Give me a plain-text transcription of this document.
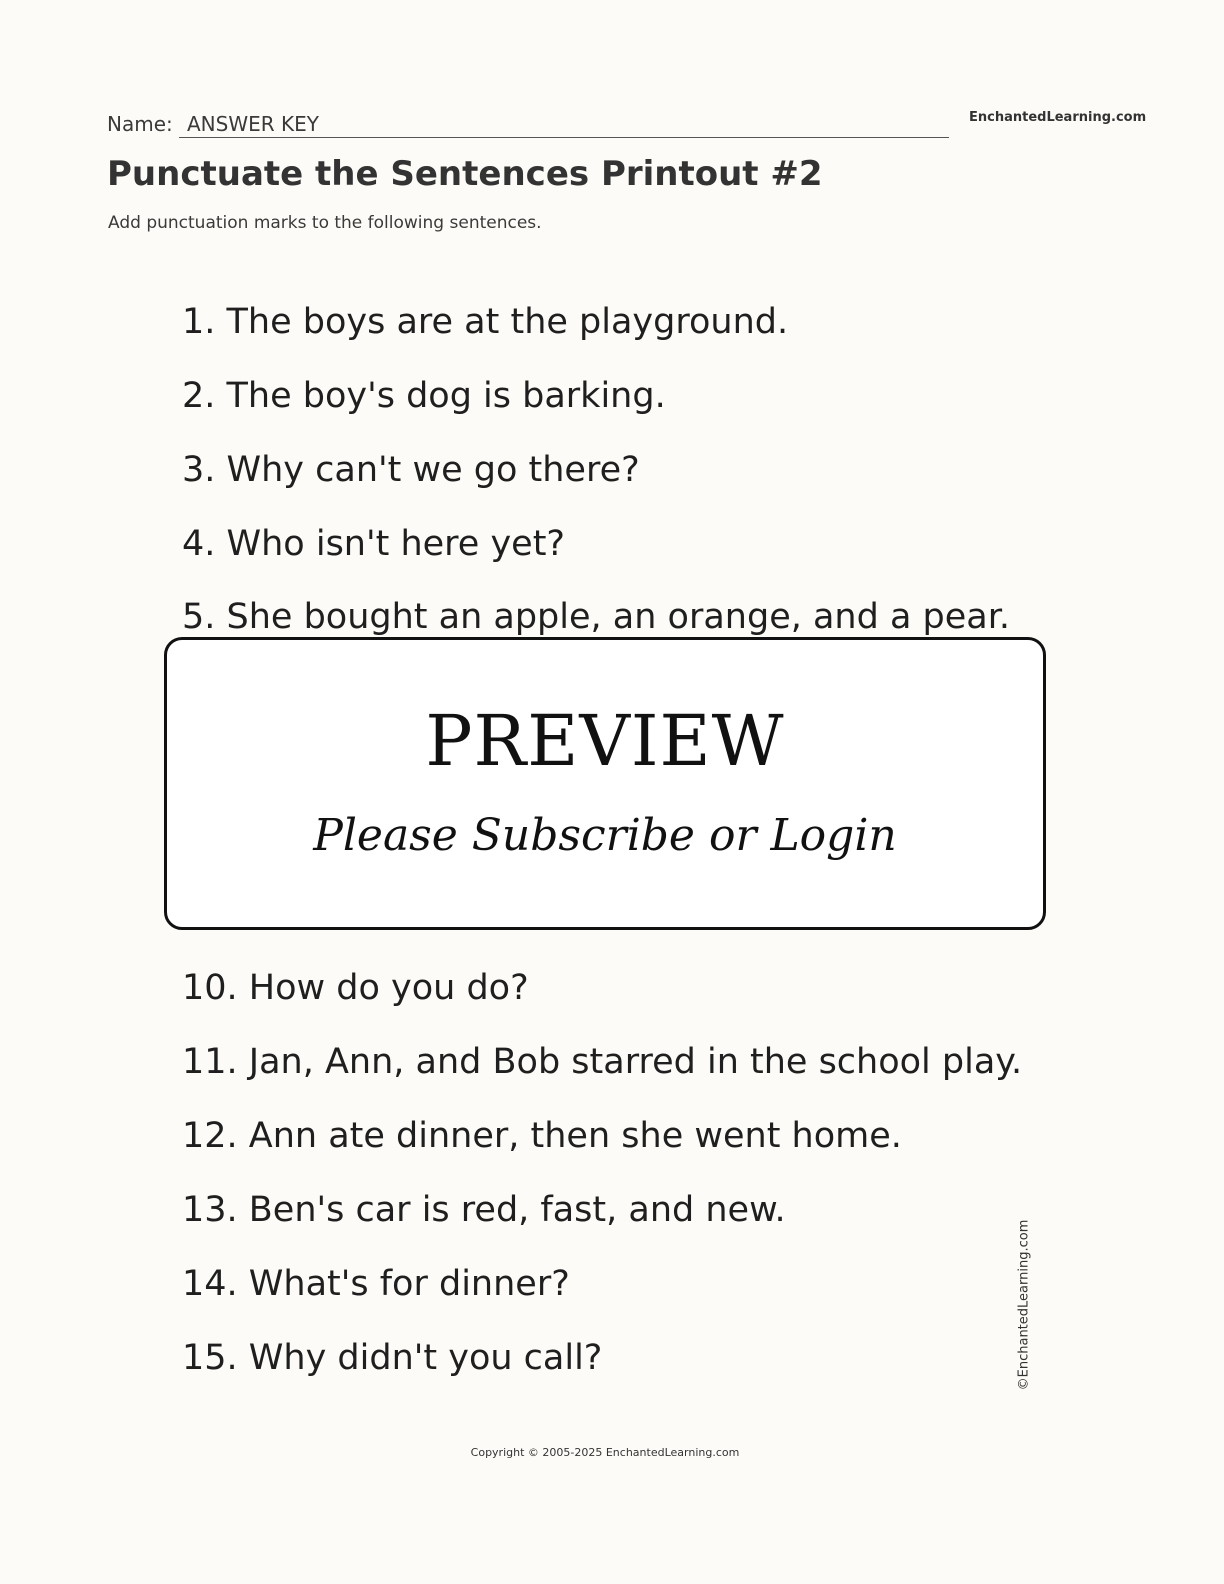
Name: ANSWER KEY	EnchantedLearning.com
Punctuate the Sentences Printout #2
Add punctuation marks to the following sentences.
1. The boys are at the playground.
2. The boy's dog is barking.
3. Why can't we go there?
4. Who isn't here yet?
5. She bought an apple, an orange, and a pear.
10. How do you do?
11. Jan, Ann, and Bob starred in the school play.
12. Ann ate dinner, then she went home.
13. Ben's car is red, fast, and new.
14. What's for dinner?
15. Why didn't you call?
PREVIEW
Please Subscribe or Login
©EnchantedLearning.com
Copyright © 2005-2025 EnchantedLearning.com
